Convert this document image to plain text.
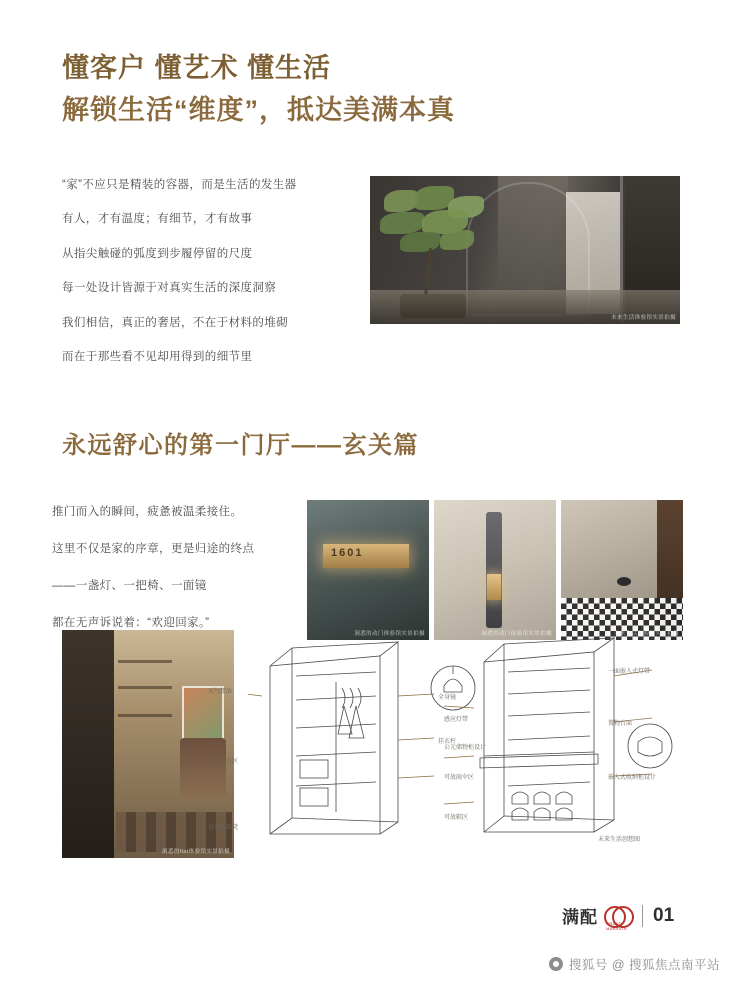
懂客户 懂艺术 懂生活
解锁生活“维度”，抵达美满本真
“家”不应只是精装的容器，而是生活的发生器
有人，才有温度；有细节，才有故事
从指尖触碰的弧度到步履停留的尺度
每一处设计皆源于对真实生活的深度洞察
我们相信，真正的奢居，不在于材料的堆砌
而在于那些看不见却用得到的细节里
未来生活体验馆实景拍摄
永远舒心的第一门厅——玄关篇
推门而入的瞬间，疲惫被温柔接住。
这里不仅是家的序章，更是归途的终点
——一盏灯、一把椅、一面镜
都在无声诉说着：“欢迎回家。”
1601
洞悉的动门体验馆实景拍摄	洞悉的动门体验馆实景拍摄	未来生活体验馆实景拍摄
洞悉的flat体验馆实景拍摄
灭气摆放
可挂大衣区
设置换鞋凳
全身镜
挂衣杆
一面嵌入式灯带
感应灯带
公元储物柜设计
可放雨伞区	嵌入式收纳柜设计
置物台面
可放鞋区
未来生活创想图
满配 GRAND MANSION
01
搜狐号 @ 搜狐焦点南平站
